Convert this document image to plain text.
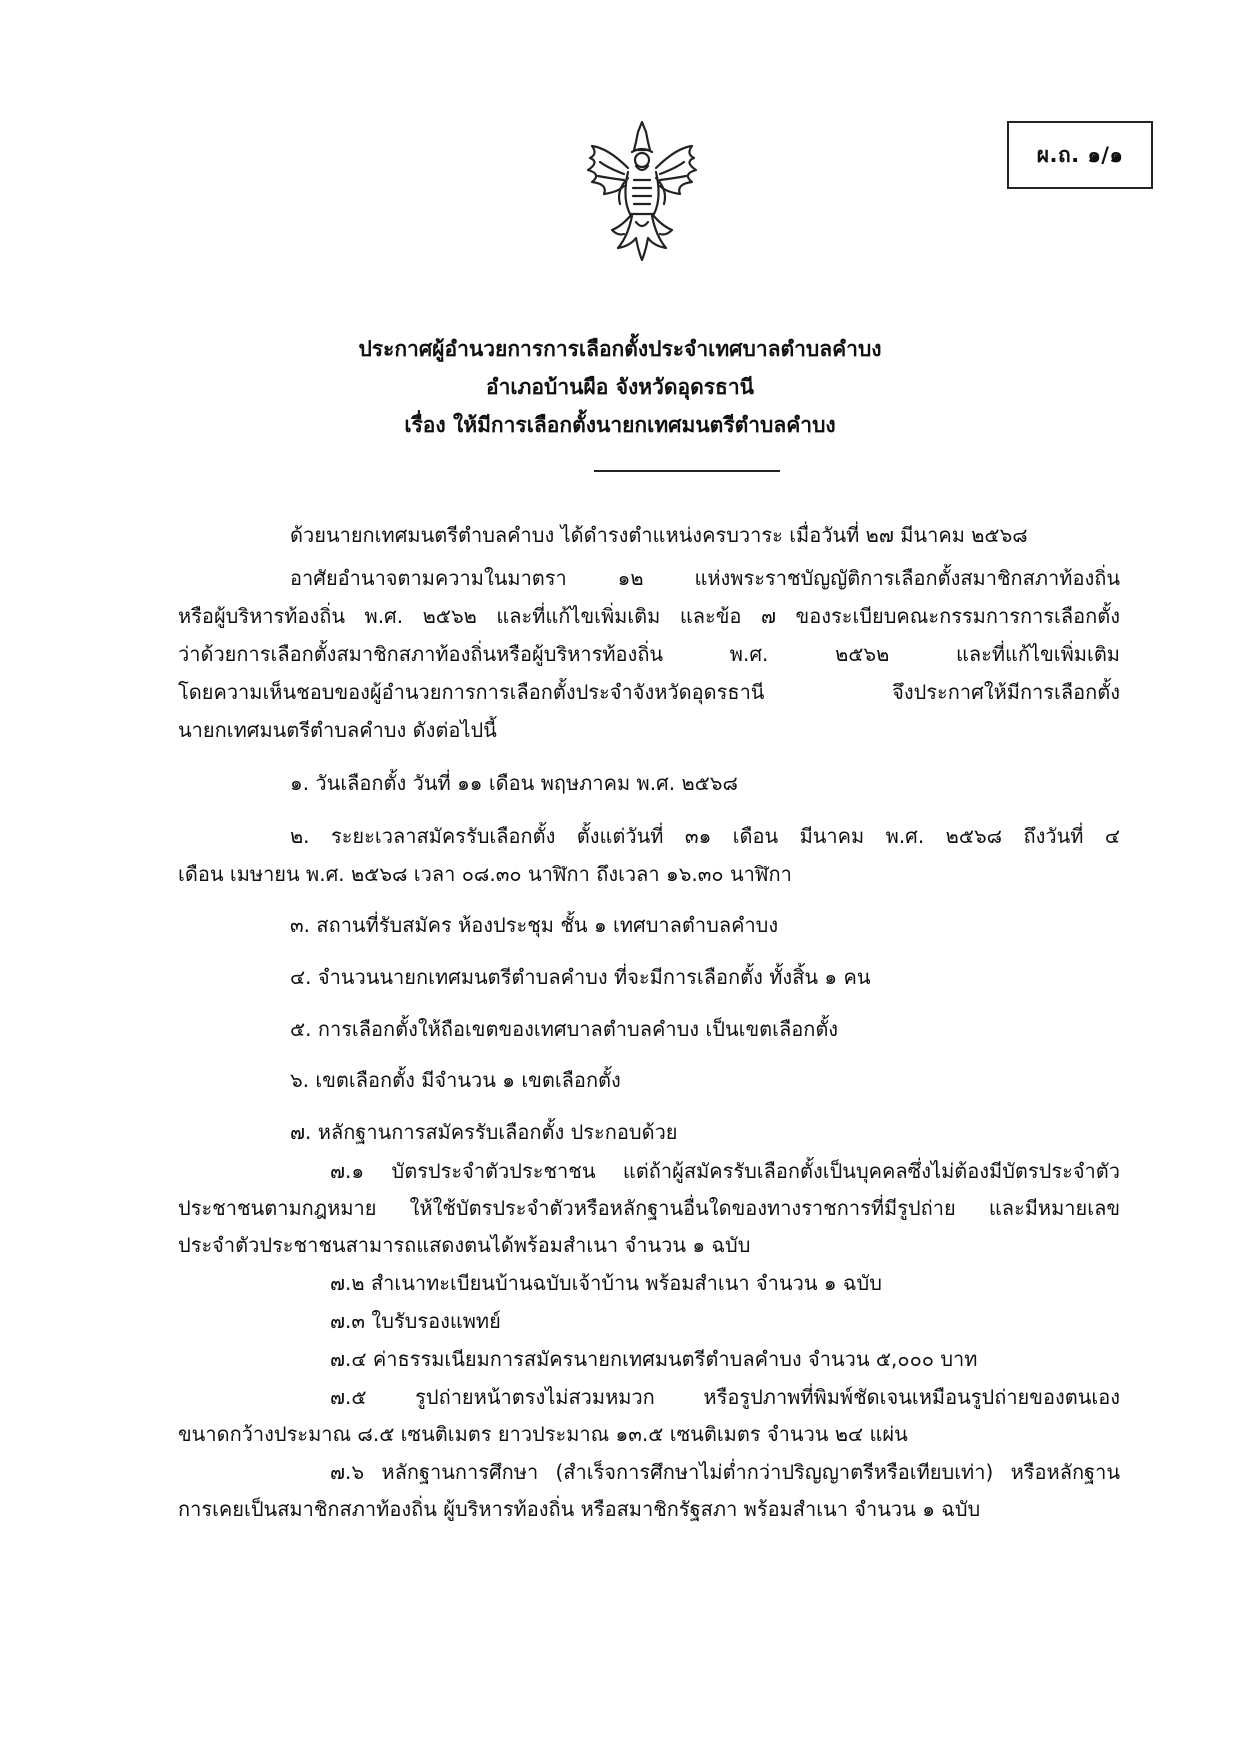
ผ.ถ. ๑/๑
ประกาศผู้อำนวยการการเลือกตั้งประจำเทศบาลตำบลคำบง
อำเภอบ้านผือ จังหวัดอุดรธานี
เรื่อง ให้มีการเลือกตั้งนายกเทศมนตรีตำบลคำบง
ด้วยนายกเทศมนตรีตำบลคำบง ได้ดำรงตำแหน่งครบวาระ เมื่อวันที่ ๒๗ มีนาคม ๒๕๖๘
อาศัยอำนาจตามความในมาตรา ๑๒ แห่งพระราชบัญญัติการเลือกตั้งสมาชิกสภาท้องถิ่น
หรือผู้บริหารท้องถิ่น พ.ศ. ๒๕๖๒ และที่แก้ไขเพิ่มเติม และข้อ ๗ ของระเบียบคณะกรรมการการเลือกตั้ง
ว่าด้วยการเลือกตั้งสมาชิกสภาท้องถิ่นหรือผู้บริหารท้องถิ่น พ.ศ. ๒๕๖๒ และที่แก้ไขเพิ่มเติม
โดยความเห็นชอบของผู้อำนวยการการเลือกตั้งประจำจังหวัดอุดรธานี จึงประกาศให้มีการเลือกตั้ง
นายกเทศมนตรีตำบลคำบง ดังต่อไปนี้
๑. วันเลือกตั้ง วันที่ ๑๑ เดือน พฤษภาคม พ.ศ. ๒๕๖๘
๒. ระยะเวลาสมัครรับเลือกตั้ง ตั้งแต่วันที่ ๓๑ เดือน มีนาคม พ.ศ. ๒๕๖๘ ถึงวันที่ ๔
เดือน เมษายน พ.ศ. ๒๕๖๘ เวลา ๐๘.๓๐ นาฬิกา ถึงเวลา ๑๖.๓๐ นาฬิกา
๓. สถานที่รับสมัคร ห้องประชุม ชั้น ๑ เทศบาลตำบลคำบง
๔. จำนวนนายกเทศมนตรีตำบลคำบง ที่จะมีการเลือกตั้ง ทั้งสิ้น ๑ คน
๕. การเลือกตั้งให้ถือเขตของเทศบาลตำบลคำบง เป็นเขตเลือกตั้ง
๖. เขตเลือกตั้ง มีจำนวน ๑ เขตเลือกตั้ง
๗. หลักฐานการสมัครรับเลือกตั้ง ประกอบด้วย
๗.๑ บัตรประจำตัวประชาชน แต่ถ้าผู้สมัครรับเลือกตั้งเป็นบุคคลซึ่งไม่ต้องมีบัตรประจำตัว
ประชาชนตามกฎหมาย ให้ใช้บัตรประจำตัวหรือหลักฐานอื่นใดของทางราชการที่มีรูปถ่าย และมีหมายเลข
ประจำตัวประชาชนสามารถแสดงตนได้พร้อมสำเนา จำนวน ๑ ฉบับ
๗.๒ สำเนาทะเบียนบ้านฉบับเจ้าบ้าน พร้อมสำเนา จำนวน ๑ ฉบับ
๗.๓ ใบรับรองแพทย์
๗.๔ ค่าธรรมเนียมการสมัครนายกเทศมนตรีตำบลคำบง จำนวน ๕,๐๐๐ บาท
๗.๕ รูปถ่ายหน้าตรงไม่สวมหมวก หรือรูปภาพที่พิมพ์ชัดเจนเหมือนรูปถ่ายของตนเอง
ขนาดกว้างประมาณ ๘.๕ เซนติเมตร ยาวประมาณ ๑๓.๕ เซนติเมตร จำนวน ๒๔ แผ่น
๗.๖ หลักฐานการศึกษา (สำเร็จการศึกษาไม่ต่ำกว่าปริญญาตรีหรือเทียบเท่า) หรือหลักฐาน
การเคยเป็นสมาชิกสภาท้องถิ่น ผู้บริหารท้องถิ่น หรือสมาชิกรัฐสภา พร้อมสำเนา จำนวน ๑ ฉบับ
